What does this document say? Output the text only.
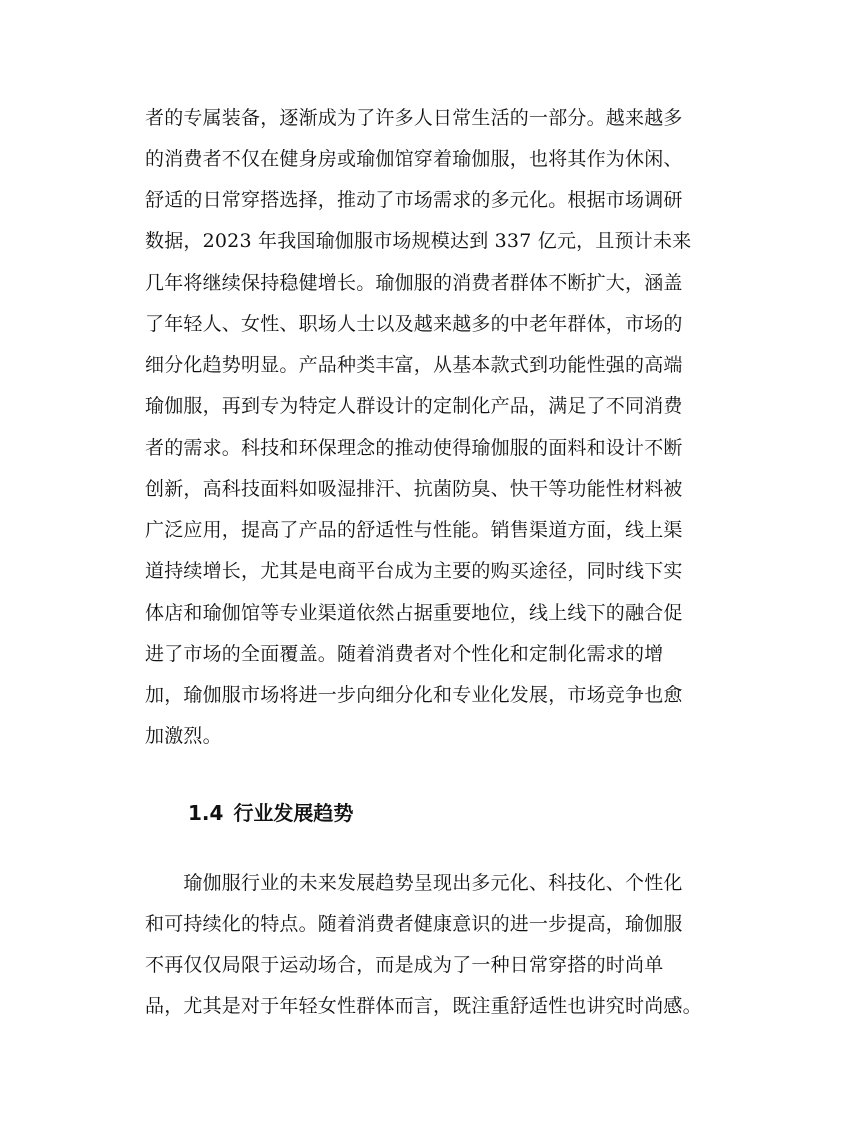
者的专属装备，逐渐成为了许多人日常生活的一部分。越来越多
的消费者不仅在健身房或瑜伽馆穿着瑜伽服，也将其作为休闲、
舒适的日常穿搭选择，推动了市场需求的多元化。根据市场调研
数据，2023 年我国瑜伽服市场规模达到 337 亿元，且预计未来
几年将继续保持稳健增长。瑜伽服的消费者群体不断扩大，涵盖
了年轻人、女性、职场人士以及越来越多的中老年群体，市场的
细分化趋势明显。产品种类丰富，从基本款式到功能性强的高端
瑜伽服，再到专为特定人群设计的定制化产品，满足了不同消费
者的需求。科技和环保理念的推动使得瑜伽服的面料和设计不断
创新，高科技面料如吸湿排汗、抗菌防臭、快干等功能性材料被
广泛应用，提高了产品的舒适性与性能。销售渠道方面，线上渠
道持续增长，尤其是电商平台成为主要的购买途径，同时线下实
体店和瑜伽馆等专业渠道依然占据重要地位，线上线下的融合促
进了市场的全面覆盖。随着消费者对个性化和定制化需求的增
加，瑜伽服市场将进一步向细分化和专业化发展，市场竞争也愈
加激烈。
1.4 行业发展趋势
　　瑜伽服行业的未来发展趋势呈现出多元化、科技化、个性化
和可持续化的特点。随着消费者健康意识的进一步提高，瑜伽服
不再仅仅局限于运动场合，而是成为了一种日常穿搭的时尚单
品，尤其是对于年轻女性群体而言，既注重舒适性也讲究时尚感。
